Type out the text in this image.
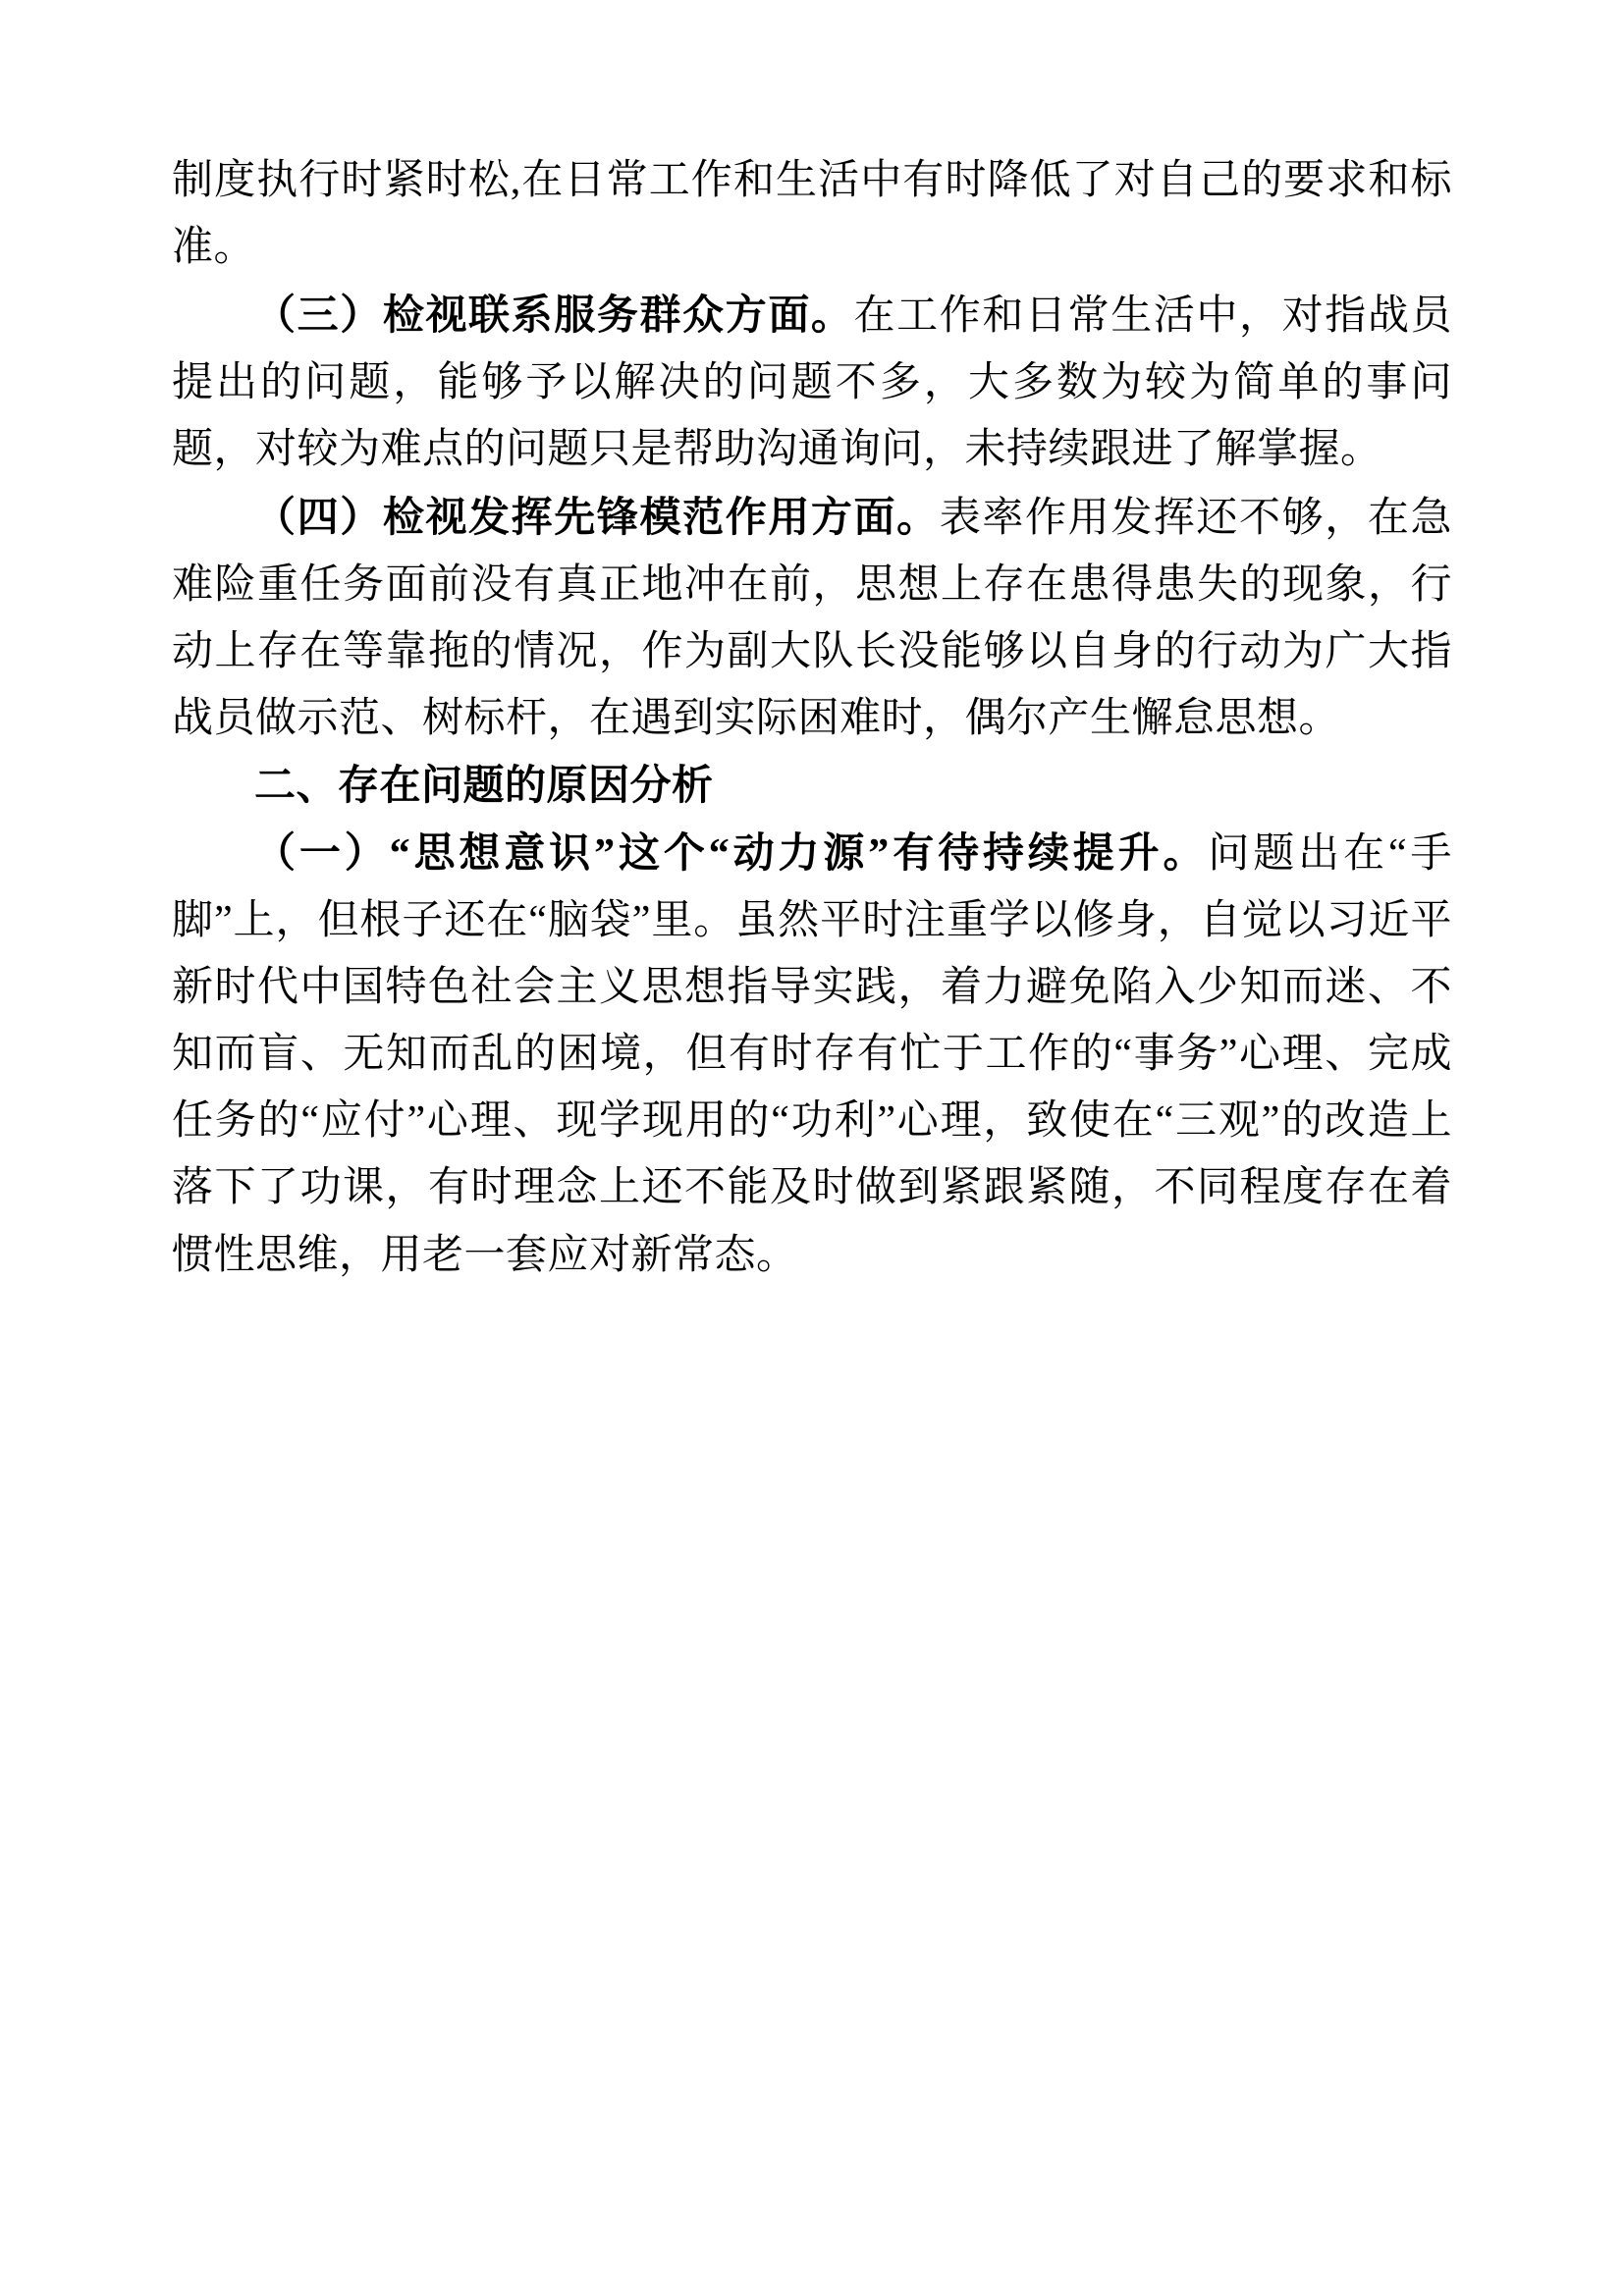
制度执行时紧时松,在日常工作和生活中有时降低了对自己的要求和标准。

（三）检视联系服务群众方面。在工作和日常生活中，对指战员提出的问题，能够予以解决的问题不多，大多数为较为简单的事问题，对较为难点的问题只是帮助沟通询问，未持续跟进了解掌握。

（四）检视发挥先锋模范作用方面。表率作用发挥还不够，在急难险重任务面前没有真正地冲在前，思想上存在患得患失的现象，行动上存在等靠拖的情况，作为副大队长没能够以自身的行动为广大指战员做示范、树标杆，在遇到实际困难时，偶尔产生懈怠思想。

二、存在问题的原因分析

（一）“思想意识”这个“动力源”有待持续提升。问题出在“手脚”上，但根子还在“脑袋”里。虽然平时注重学以修身，自觉以习近平新时代中国特色社会主义思想指导实践，着力避免陷入少知而迷、不知而盲、无知而乱的困境，但有时存有忙于工作的“事务”心理、完成任务的“应付”心理、现学现用的“功利”心理，致使在“三观”的改造上落下了功课，有时理念上还不能及时做到紧跟紧随，不同程度存在着惯性思维，用老一套应对新常态。
